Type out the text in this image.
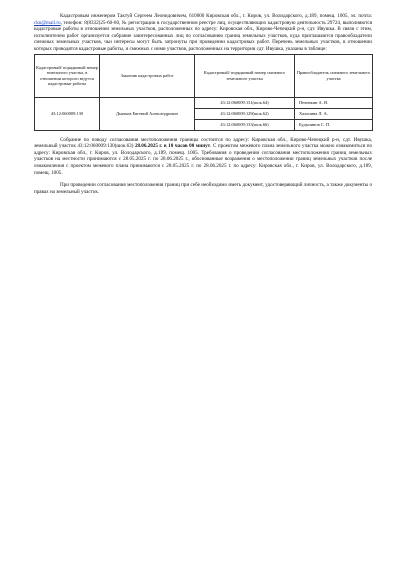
Кадастровым инженером Тактуй Сергеем Леонидовичем, 610000 Кировская обл., г. Киров, ул. Володарского, д.189, помещ. 1005, эл. почта: ckn@mail.ru, телефон: 8(8332)25-60-60, № регистрации в государственном реестре лиц, осуществляющих кадастровую деятельность 29724, выполняются кадастровые работы в отношении земельных участков, расположенных по адресу: Кировская обл., Кирово-Чепецкий р-н, сдт. Ивушка. В связи с этим, исполнителем работ организуется собрание заинтересованных лиц по согласованию границ земельных участков, куда приглашаются правообладатели смежных земельных участков, чьи интересы могут быть затронуты при проведении кадастровых работ. Перечень земельных участков, в отношении которых проводятся кадастровые работы, и смежных с ними участков, расположенных на территории сдт. Ивушка, указаны в таблице:

Кадастровый/ порядковый номер земельного участка, в отношении которого ведутся кадастровые работы	Заказчик кадастровых работ	Кадастровый/ порядковый номер смежного земельного участка	Правообладатель смежного земельного участка
43:12:060009:130	Дьячков Евгений Александрович	43:12:060009:131(шок.64)	Печенкин А. И.
		43:12:060009:129(шок.62)	Хальпина Л. А.
		43:12:060009:133(шок.66)	Будылинов С. П.

Собрание по поводу согласования местоположения границы состоится по адресу: Кировская обл., Кирово-Чепецкий р-н, сдт. Ивушка, земельный участок 43:12:060009:130(шок.63) 28.06.2025 г. в 10 часов 00 минут. С проектом межевого плана земельного участка можно ознакомиться по адресу: Кировская обл., г. Киров, ул. Володарского, д.189, помещ. 1005. Требования о проведении согласования местоположения границ земельных участков на местности принимаются с 28.05.2025 г. по 28.06.2025 г., обоснованные возражения о местоположении границ земельных участков после ознакомления с проектом межевого плана принимаются с 28.05.2025 г. по 28.06.2025 г. по адресу: Кировская обл., г. Киров, ул. Володарского, д.189, помещ. 1005.

При проведении согласования местоположения границ при себе необходимо иметь документ, удостоверяющий личность, а также документы о правах на земельный участок.
